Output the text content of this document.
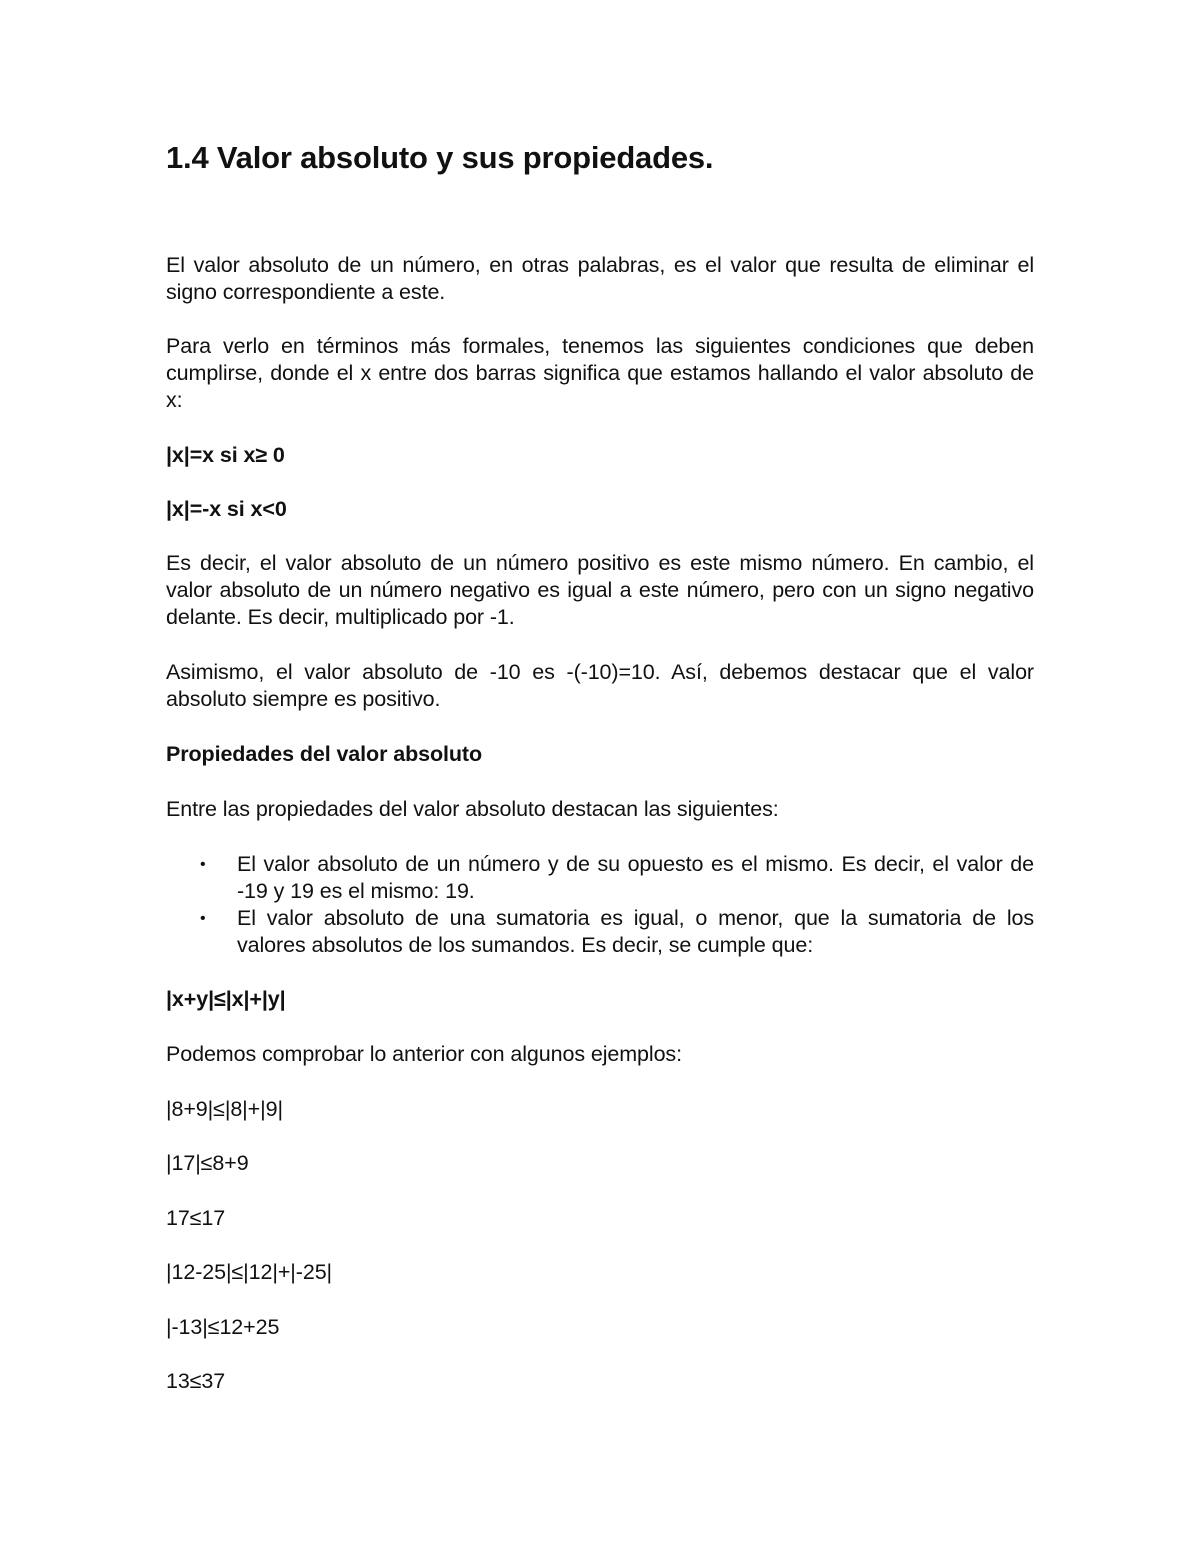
1.4 Valor absoluto y sus propiedades.

El valor absoluto de un número, en otras palabras, es el valor que resulta de eliminar el signo correspondiente a este.

Para verlo en términos más formales, tenemos las siguientes condiciones que deben cumplirse, donde el x entre dos barras significa que estamos hallando el valor absoluto de x:

|x|=x si x≥ 0

|x|=-x si x<0

Es decir, el valor absoluto de un número positivo es este mismo número. En cambio, el valor absoluto de un número negativo es igual a este número, pero con un signo negativo delante. Es decir, multiplicado por -1.

Asimismo, el valor absoluto de -10 es -(-10)=10. Así, debemos destacar que el valor absoluto siempre es positivo.

Propiedades del valor absoluto

Entre las propiedades del valor absoluto destacan las siguientes:

• El valor absoluto de un número y de su opuesto es el mismo. Es decir, el valor de -19 y 19 es el mismo: 19.
• El valor absoluto de una sumatoria es igual, o menor, que la sumatoria de los valores absolutos de los sumandos. Es decir, se cumple que:

|x+y|≤|x|+|y|

Podemos comprobar lo anterior con algunos ejemplos:

|8+9|≤|8|+|9|

|17|≤8+9

17≤17

|12-25|≤|12|+|-25|

|-13|≤12+25

13≤37
